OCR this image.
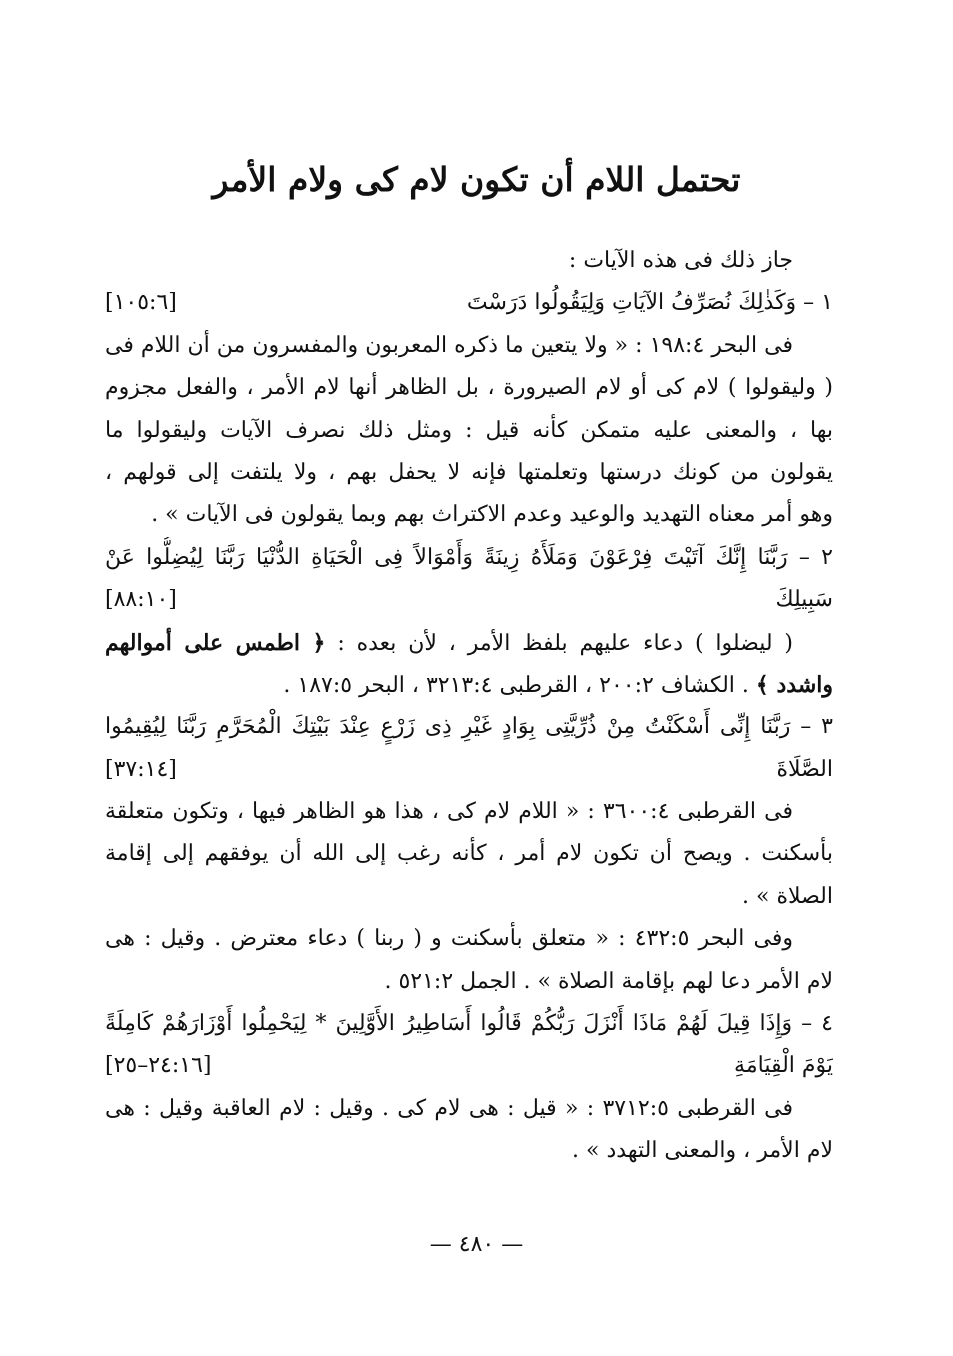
تحتمل اللام أن تكون لام كى ولام الأمر
جاز ذلك فى هذه الآيات :
١ – وَكَذٰلِكَ نُصَرِّفُ الآيَاتِ وَلِيَقُولُوا دَرَسْتَ
[١٠٥:٦]
فى البحر ١٩٨:٤ : « ولا يتعين ما ذكره المعربون والمفسرون من أن اللام فى
( وليقولوا ) لام كى أو لام الصيرورة ، بل الظاهر أنها لام الأمر ، والفعل مجزوم
بها ، والمعنى عليه متمكن كأنه قيل : ومثل ذلك نصرف الآيات وليقولوا ما
يقولون من كونك درستها وتعلمتها فإنه لا يحفل بهم ، ولا يلتفت إلى قولهم ،
وهو أمر معناه التهديد والوعيد وعدم الاكتراث بهم وبما يقولون فى الآيات » .
٢ – رَبَّنَا إِنَّكَ آتَيْتَ فِرْعَوْنَ وَمَلَأَهُ زِينَةً وَأَمْوَالاً فِى الْحَيَاةِ الدُّنْيَا رَبَّنَا لِيُضِلُّوا عَنْ
سَبِيلِكَ
[٨٨:١٠]
( ليضلوا ) دعاء عليهم بلفظ الأمر ، لأن بعده : ﴿ اطمس على أموالهم
واشدد ﴾ . الكشاف ٢٠٠:٢ ، القرطبى ٣٢١٣:٤ ، البحر ١٨٧:٥ .
٣ – رَبَّنَا إِنِّى أَسْكَنْتُ مِنْ ذُرِّيَّتِى بِوَادٍ غَيْرِ ذِى زَرْعٍ عِنْدَ بَيْتِكَ الْمُحَرَّمِ رَبَّنَا لِيُقِيمُوا
الصَّلَاةَ
[٣٧:١٤]
فى القرطبى ٣٦٠٠:٤ : « اللام لام كى ، هذا هو الظاهر فيها ، وتكون متعلقة
بأسكنت . ويصح أن تكون لام أمر ، كأنه رغب إلى الله أن يوفقهم إلى إقامة
الصلاة » .
وفى البحر ٤٣٢:٥ : « متعلق بأسكنت و ( ربنا ) دعاء معترض . وقيل : هى
لام الأمر دعا لهم بإقامة الصلاة » . الجمل ٥٢١:٢ .
٤ – وَإِذَا قِيلَ لَهُمْ مَاذَا أَنْزَلَ رَبُّكُمْ قَالُوا أَسَاطِيرُ الأَوَّلِينَ * لِيَحْمِلُوا أَوْزَارَهُمْ كَامِلَةً
يَوْمَ الْقِيَامَةِ
[٢٤:١٦–٢٥]
فى القرطبى ٣٧١٢:٥ : « قيل : هى لام كى . وقيل : لام العاقبة وقيل : هى
لام الأمر ، والمعنى التهدد » .
— ٤٨٠ —
